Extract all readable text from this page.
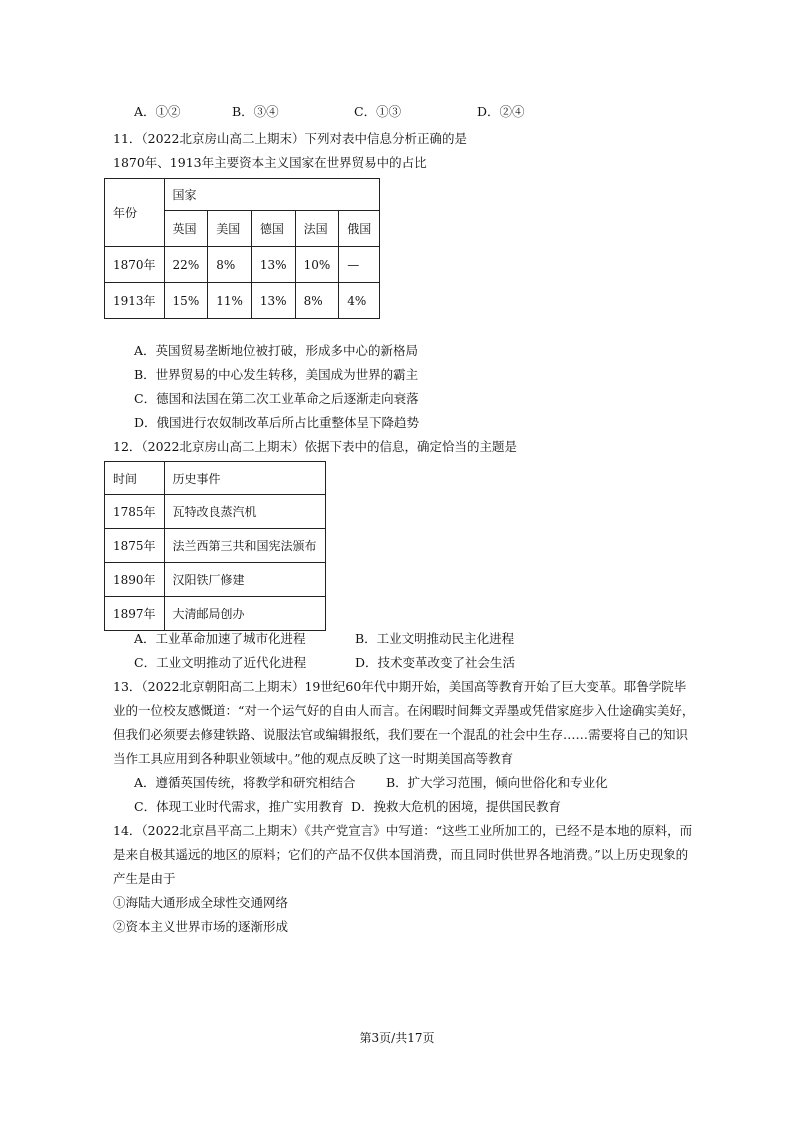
A．①②	B．③④	C．①③	D．②④
11．（2022北京房山高二上期末）下列对表中信息分析正确的是
1870年、1913年主要资本主义国家在世界贸易中的占比
年份	国家				
	英国	美国	德国	法国	俄国
1870年	22%	8%	13%	10%	—
1913年	15%	11%	13%	8%	4%
A．英国贸易垄断地位被打破，形成多中心的新格局
B．世界贸易的中心发生转移，美国成为世界的霸主
C．德国和法国在第二次工业革命之后逐渐走向衰落
D．俄国进行农奴制改革后所占比重整体呈下降趋势
12．（2022北京房山高二上期末）依据下表中的信息，确定恰当的主题是
时间	历史事件
1785年	瓦特改良蒸汽机
1875年	法兰西第三共和国宪法颁布
1890年	汉阳铁厂修建
1897年	大清邮局创办
A．工业革命加速了城市化进程	B．工业文明推动民主化进程
C．工业文明推动了近代化进程	D．技术变革改变了社会生活
13．（2022北京朝阳高二上期末）19世纪60年代中期开始，美国高等教育开始了巨大变革。耶鲁学院毕
业的一位校友感慨道：“对一个运气好的自由人而言。在闲暇时间舞文弄墨或凭借家庭步入仕途确实美好，
但我们必须要去修建铁路、说服法官或编辑报纸，我们要在一个混乱的社会中生存……需要将自己的知识
当作工具应用到各种职业领域中。”他的观点反映了这一时期美国高等教育
A．遵循英国传统，将教学和研究相结合 B．扩大学习范围，倾向世俗化和专业化
C．体现工业时代需求，推广实用教育 D．挽救大危机的困境，提供国民教育
14．（2022北京昌平高二上期末）《共产党宣言》中写道：“这些工业所加工的，已经不是本地的原料，而
是来自极其遥远的地区的原料；它们的产品不仅供本国消费，而且同时供世界各地消费。”以上历史现象的
产生是由于
①海陆大通形成全球性交通网络
②资本主义世界市场的逐渐形成
第3页/共17页
